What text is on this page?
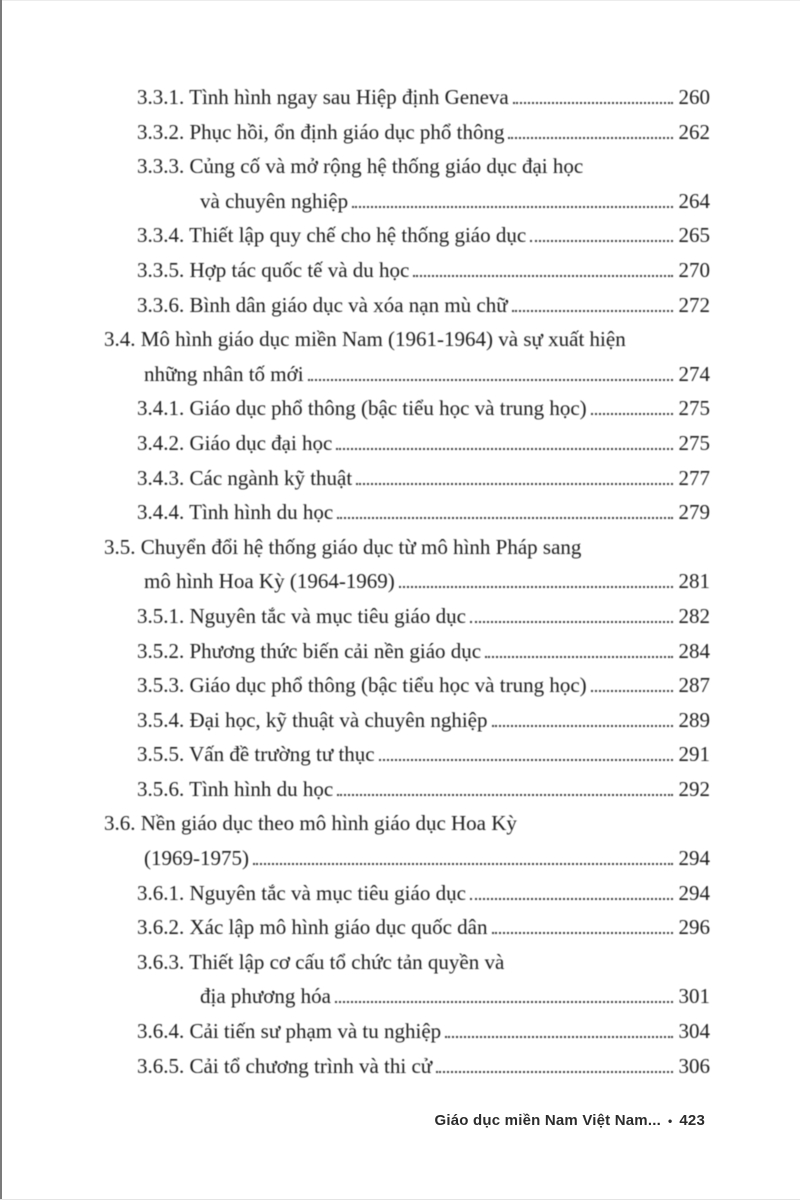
3.3.1. Tình hình ngay sau Hiệp định Geneva	260
3.3.2. Phục hồi, ổn định giáo dục phổ thông	262
3.3.3. Củng cố và mở rộng hệ thống giáo dục đại học
và chuyên nghiệp	264
3.3.4. Thiết lập quy chế cho hệ thống giáo dục	265
3.3.5. Hợp tác quốc tế và du học	270
3.3.6. Bình dân giáo dục và xóa nạn mù chữ	272
3.4. Mô hình giáo dục miền Nam (1961-1964) và sự xuất hiện
những nhân tố mới	274
3.4.1. Giáo dục phổ thông (bậc tiểu học và trung học)	275
3.4.2. Giáo dục đại học	275
3.4.3. Các ngành kỹ thuật	277
3.4.4. Tình hình du học	279
3.5. Chuyển đổi hệ thống giáo dục từ mô hình Pháp sang
mô hình Hoa Kỳ (1964-1969)	281
3.5.1. Nguyên tắc và mục tiêu giáo dục	282
3.5.2. Phương thức biến cải nền giáo dục	284
3.5.3. Giáo dục phổ thông (bậc tiểu học và trung học)	287
3.5.4. Đại học, kỹ thuật và chuyên nghiệp	289
3.5.5. Vấn đề trường tư thục	291
3.5.6. Tình hình du học	292
3.6. Nền giáo dục theo mô hình giáo dục Hoa Kỳ
(1969-1975)	294
3.6.1. Nguyên tắc và mục tiêu giáo dục	294
3.6.2. Xác lập mô hình giáo dục quốc dân	296
3.6.3. Thiết lập cơ cấu tổ chức tản quyền và
địa phương hóa	301
3.6.4. Cải tiến sư phạm và tu nghiệp	304
3.6.5. Cải tổ chương trình và thi cử	306
Giáo dục miền Nam Việt Nam... • 423
